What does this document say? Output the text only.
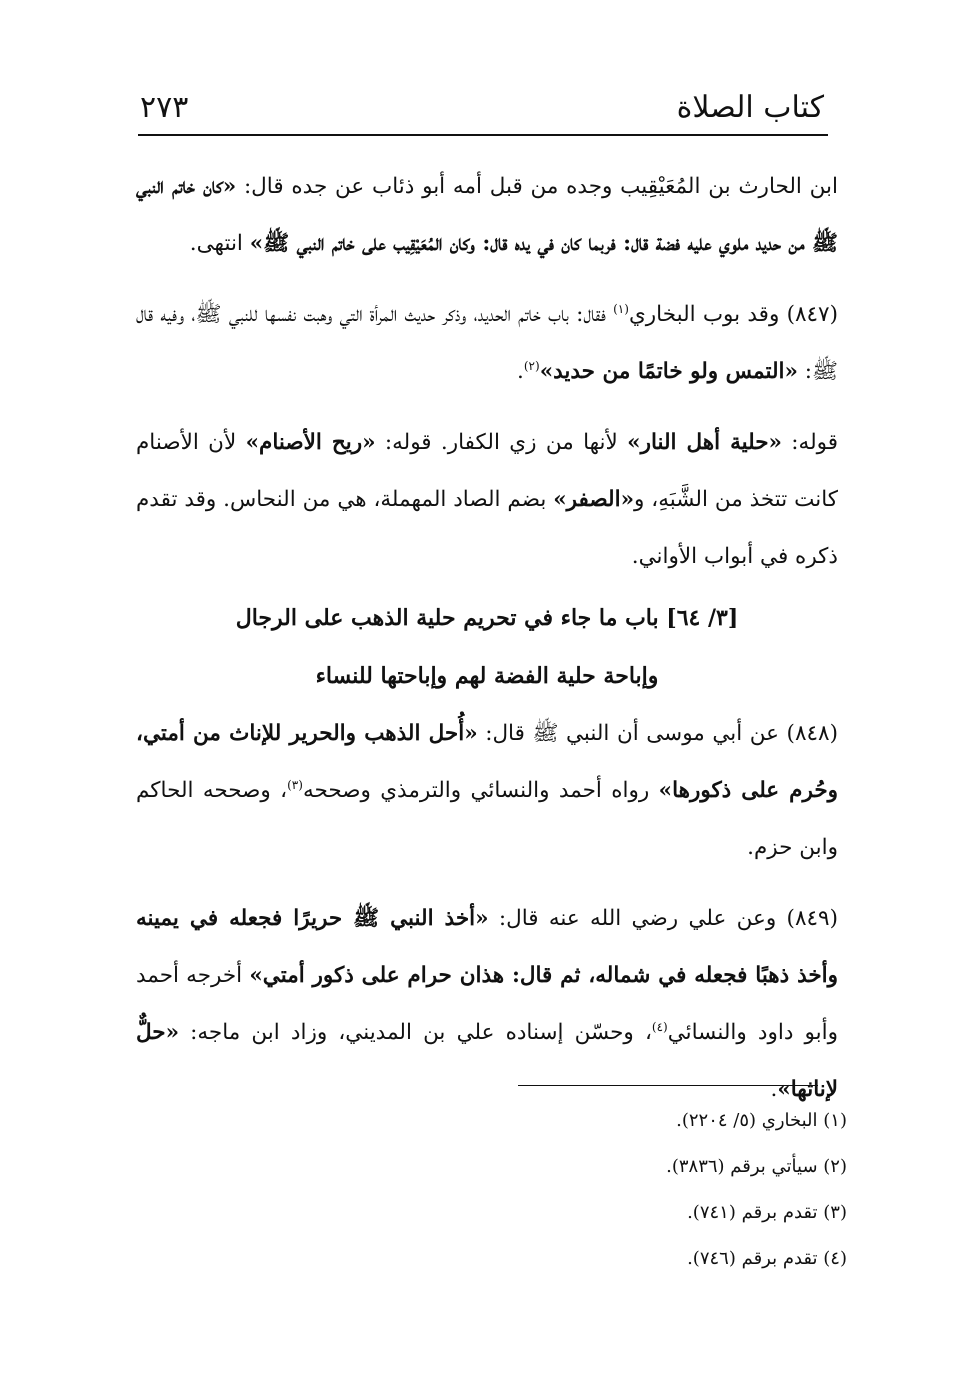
كتاب الصلاة
٢٧٣

ابن الحارث بن المُعَيْقِيب وجده من قبل أمه أبو ذئاب عن جده قال: «كان خاتم النبي ﷺ من حديد ملوي عليه فضة قال: فربما كان في يده قال: وكان المُعَيْقِيب على خاتم النبي ﷺ» انتهى.

(٨٤٧) وقد بوب البخاري$^{(١)}$ فقال: باب خاتم الحديد، وذكر حديث المرأة التي وهبت نفسها للنبي ﷺ، وفيه قال ﷺ: «التمس ولو خاتمًا من حديد»$^{(٢)}$.

قوله: «حلية أهل النار» لأنها من زي الكفار. قوله: «ريح الأصنام» لأن الأصنام كانت تتخذ من الشَّبَهِ، و«الصفر» بضم الصاد المهملة، هي من النحاس. وقد تقدم ذكره في أبواب الأواني.

[٣/ ٦٤] باب ما جاء في تحريم حلية الذهب على الرجال
وإباحة حلية الفضة لهم وإباحتها للنساء

(٨٤٨) عن أبي موسى أن النبي ﷺ قال: «أُحل الذهب والحرير للإناث من أمتي، وحُرم على ذكورها» رواه أحمد والنسائي والترمذي وصححه$^{(٣)}$، وصححه الحاكم وابن حزم.

(٨٤٩) وعن علي رضي الله عنه قال: «أخذ النبي ﷺ حريرًا فجعله في يمينه وأخذ ذهبًا فجعله في شماله، ثم قال: هذان حرام على ذكور أمتي» أخرجه أحمد وأبو داود والنسائي$^{(٤)}$، وحسّن إسناده علي بن المديني، وزاد ابن ماجه: «حلٌّ لإناثها».

(١) البخاري (٥/ ٢٢٠٤).
(٢) سيأتي برقم (٣٨٣٦).
(٣) تقدم برقم (٧٤١).
(٤) تقدم برقم (٧٤٦).
